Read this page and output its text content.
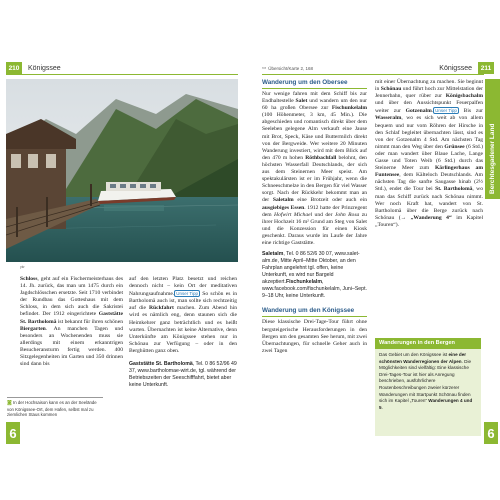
210	Königssee
ykr

Schloss, geht auf ein Fischermeisterhaus des 14. Jh. zurück, das man um 1475 durch ein Jagdschlösschen ersetzte. Seit 1710 verbindet der Rundbau das Gotteshaus mit dem Schloss, in dem sich auch die Sakristei befindet. Der 1912 eingerichtete Gaststätte St. Bartholomä ist bekannt für ihren schönen Biergarten. An manchen Tagen und besonders an Wochenenden muss sie allerdings mit einem erkanntrigen Besucheransturm fertig werden. 400 Sitzgelegenheiten im Garten und 350 drinnen sind dann bis

auf den letzten Platz besetzt und reichen dennoch nicht – kein Ort der meditativen Nahrungsaufnahme. Unser Tipp So schön es in Bartholomä auch ist, man sollte sich rechtzeitig auf die Rückfahrt machen. Zum Abend hin wird es nämlich eng, denn staunen sich die Heimkehrer ganz beträchtlich und es heißt warten. Übernachten ist keine Alternative, denn Unterkünfte am Königssee stehen nur in Schönau zur Verfügung – oder in den Berghütten ganz oben.

Gaststätte St. Bartholomä, Tel. 0 86 52/96 49 37, www.bartholomae-wirt.de, tgl. während der Betriebszeiten der Seeschifffahrt, bietet aber keine Unterkunft.

◙ In der Hochsaison kann es an der Seelände von Königssee-Ort, dem Hafen, selbst mal zu ziemlichen Staus kommen
6
▭ Übersicht/Karte 2, 168	Königssee	211
Wanderung um den Obersee

Nur wenige fahren mit dem Schiff bis zur Endhaltestelle Salet und wandern um den nur 60 ha großen Obersee zur Fischunkelalm (100 Höhenmeter, 3 km, 45 Min.). Die abgeschieden und romantisch direkt über dem Seeleben gelegene Alm verkauft eine Jause mit Brot, Speck, Käse und Buttermilch direkt von der Bergweide. Wer weitere 20 Minuten Wanderung investiert, wird mit dem Blick auf den 470 m hohen Röthbachfall belohnt, den höchsten Wasserfall Deutschlands, der sich aus dem Steinernen Meer speist. Am spektakulärsten ist er im Frühjahr, wenn die Schneeschmelze in den Bergen für viel Wasser sorgt. Nach der Rückkehr bekommt man an der Saletalm eine Brotzeit oder auch ein ausgiebiges Essen. 1912 hatte der Prinzregent dem Hofwirt Michael und der John Rosa zu ihrer Hochzeit 16 m² Grund am Steg von Salet und die Konzession für einen Kiosk geschenkt. Daraus wurde im Laufe der Jahre eine richtige Gaststätte.

Saletalm, Tel. 0 86 52/6 30 07, www.salet-alm.de, Mitte April–Mitte Oktober, an den Fahrplan angelehnt tgl. offen, keine Unterkunft, es wird nur Bargeld akzeptiert.Fischunkelalm, www.facebook.com/fischunkelalm, Juni–Sept. 9–18 Uhr, keine Unterkunft.

Wanderung um den Königssee

Diese klassische Drei-Tage-Tour führt ohne bergsteigerische Herausforderungen in den Bergen um den gesamten See herum, mit zwei Übernachtungen, für schnelle Geher auch in zwei Tagen

mit einer Übernachtung zu machen. Sie beginnt in Schönau und führt hoch zur Mittelstation der Jennerbahn, quer rüber zur Königsbachalm und über den Aussichtspunkt Feuerpalfen weiter zur Gotzenalm. Unser Tipp Bis zur Wasseralm, wo es sich weit ab von allem bequem und nur vom Röhren der Hirsche in den Schlaf begleitet übernachten lässt, sind es von der Gotzenalm 4 Std. Am nächsten Tag nimmt man den Weg über den Grünsee (6 Std.) oder man wandert über Blaue Lache, Lange Gasse und Toten Weib (6 Std.) durch das Steinerne Meer zum Kärlingerhaus am Funtensee, dem Kälteloch Deutschlands. Am nächsten Tag die sanfte Saugasse hinab (2½ Std.), endet die Tour bei St. Bartholomä, wo man das Schiff zurück nach Schönau nimmt. Wer noch Kraft hat, wandert von St. Bartholomä über die Berge zurück nach Schönau (→ „Wanderung 4“ im Kapitel „Touren“).

6
Berchtesgadener Land
Wanderungen in den Bergen
Das Gebiet um den Königssee ist eine der schönsten Wanderregionen der Alpen. Die Möglichkeiten sind vielfältig: Eine klassische Drei-Tages-Tour ist hier als Anregung beschrieben, ausführlichere Routenbeschreibungen zweier kürzerer Wanderungen mit Startpunkt Schönau finden sich im Kapitel „Touren“ Wanderungen 4 und 5.
